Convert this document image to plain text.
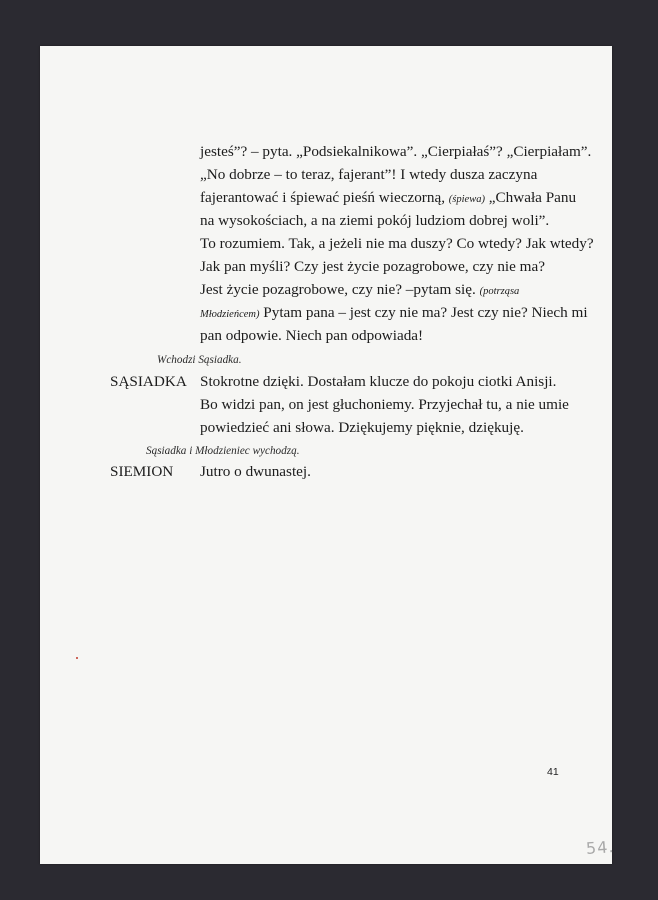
jesteś”? – pyta. „Podsiekalnikowa”. „Cierpiałaś”? „Cierpiałam”.
„No dobrze – to teraz, fajerant”! I wtedy dusza zaczyna
fajerantować i śpiewać pieśń wieczorną, (śpiewa) „Chwała Panu
na wysokościach, a na ziemi pokój ludziom dobrej woli”.
To rozumiem. Tak, a jeżeli nie ma duszy? Co wtedy? Jak wtedy?
Jak pan myśli? Czy jest życie pozagrobowe, czy nie ma?
Jest życie pozagrobowe, czy nie? –pytam się. (potrząsa
Młodzieńcem) Pytam pana – jest czy nie ma? Jest czy nie? Niech mi
pan odpowie. Niech pan odpowiada!
Wchodzi Sąsiadka.
SĄSIADKA Stokrotne dzięki. Dostałam klucze do pokoju ciotki Anisji.
Bo widzi pan, on jest głuchoniemy. Przyjechał tu, a nie umie
powiedzieć ani słowa. Dziękujemy pięknie, dziękuję.
Sąsiadka i Młodzieniec wychodzą.
SIEMION Jutro o dwunastej.
41
54.
